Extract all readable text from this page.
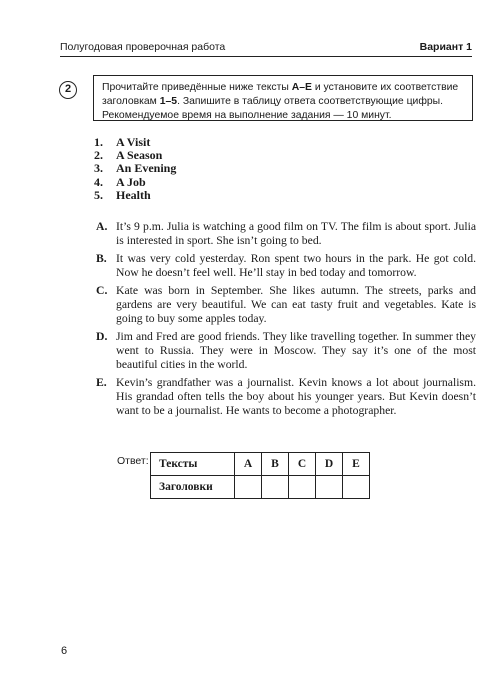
Полугодовая проверочная работа	Вариант 1
2	Прочитайте приведённые ниже тексты А–Е и установите их соответствие заголовкам 1–5. Запишите в таблицу ответа соответствующие цифры. Рекомендуемое время на выполнение задания — 10 минут.
1. A Visit
2. A Season
3. An Evening
4. A Job
5. Health
A. It’s 9 p.m. Julia is watching a good film on TV. The film is about sport. Julia is interested in sport. She isn’t going to bed.
B. It was very cold yesterday. Ron spent two hours in the park. He got cold. Now he doesn’t feel well. He’ll stay in bed today and tomorrow.
C. Kate was born in September. She likes autumn. The streets, parks and gardens are very beautiful. We can eat tasty fruit and vegetables. Kate is going to buy some apples today.
D. Jim and Fred are good friends. They like travelling together. In summer they went to Russia. They were in Moscow. They say it’s one of the most beautiful cities in the world.
E. Kevin’s grandfather was a journalist. Kevin knows a lot about journalism. His grandad often tells the boy about his younger years. But Kevin doesn’t want to be a journalist. He wants to become a photographer.
Ответ: Тексты	A	B	C	D	E
Заголовки					
6
